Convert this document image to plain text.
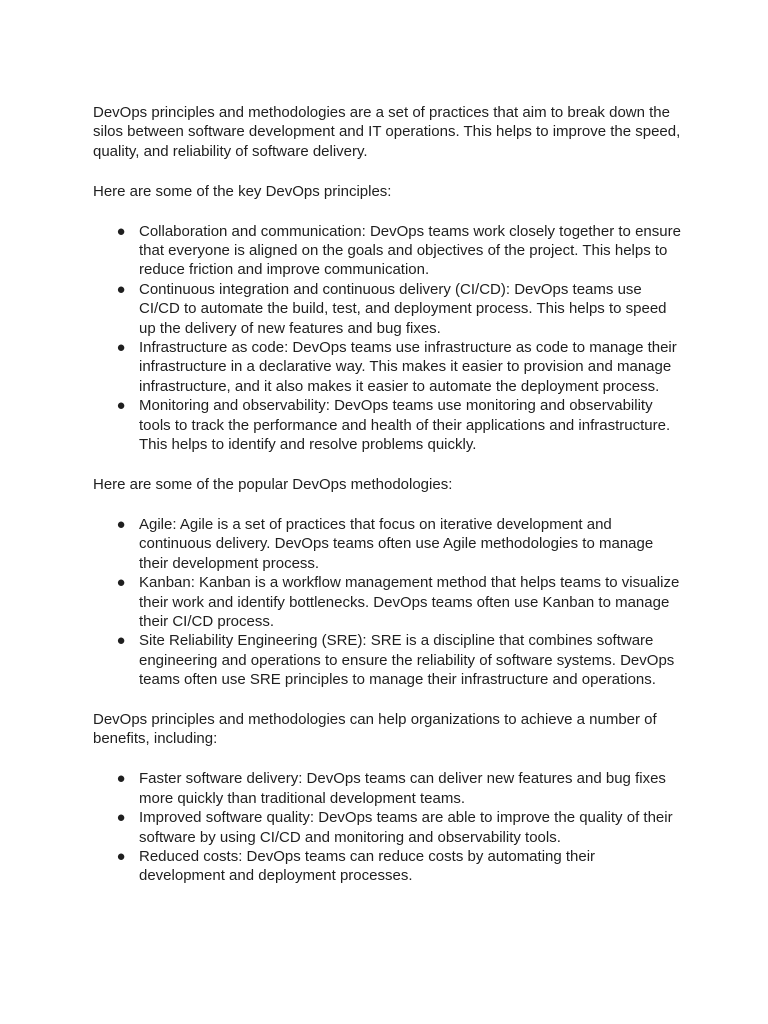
DevOps principles and methodologies are a set of practices that aim to break down the silos between software development and IT operations. This helps to improve the speed, quality, and reliability of software delivery.

Here are some of the key DevOps principles:

● Collaboration and communication: DevOps teams work closely together to ensure that everyone is aligned on the goals and objectives of the project. This helps to reduce friction and improve communication.
● Continuous integration and continuous delivery (CI/CD): DevOps teams use CI/CD to automate the build, test, and deployment process. This helps to speed up the delivery of new features and bug fixes.
● Infrastructure as code: DevOps teams use infrastructure as code to manage their infrastructure in a declarative way. This makes it easier to provision and manage infrastructure, and it also makes it easier to automate the deployment process.
● Monitoring and observability: DevOps teams use monitoring and observability tools to track the performance and health of their applications and infrastructure. This helps to identify and resolve problems quickly.

Here are some of the popular DevOps methodologies:

● Agile: Agile is a set of practices that focus on iterative development and continuous delivery. DevOps teams often use Agile methodologies to manage their development process.
● Kanban: Kanban is a workflow management method that helps teams to visualize their work and identify bottlenecks. DevOps teams often use Kanban to manage their CI/CD process.
● Site Reliability Engineering (SRE): SRE is a discipline that combines software engineering and operations to ensure the reliability of software systems. DevOps teams often use SRE principles to manage their infrastructure and operations.

DevOps principles and methodologies can help organizations to achieve a number of benefits, including:

● Faster software delivery: DevOps teams can deliver new features and bug fixes more quickly than traditional development teams.
● Improved software quality: DevOps teams are able to improve the quality of their software by using CI/CD and monitoring and observability tools.
● Reduced costs: DevOps teams can reduce costs by automating their development and deployment processes.
